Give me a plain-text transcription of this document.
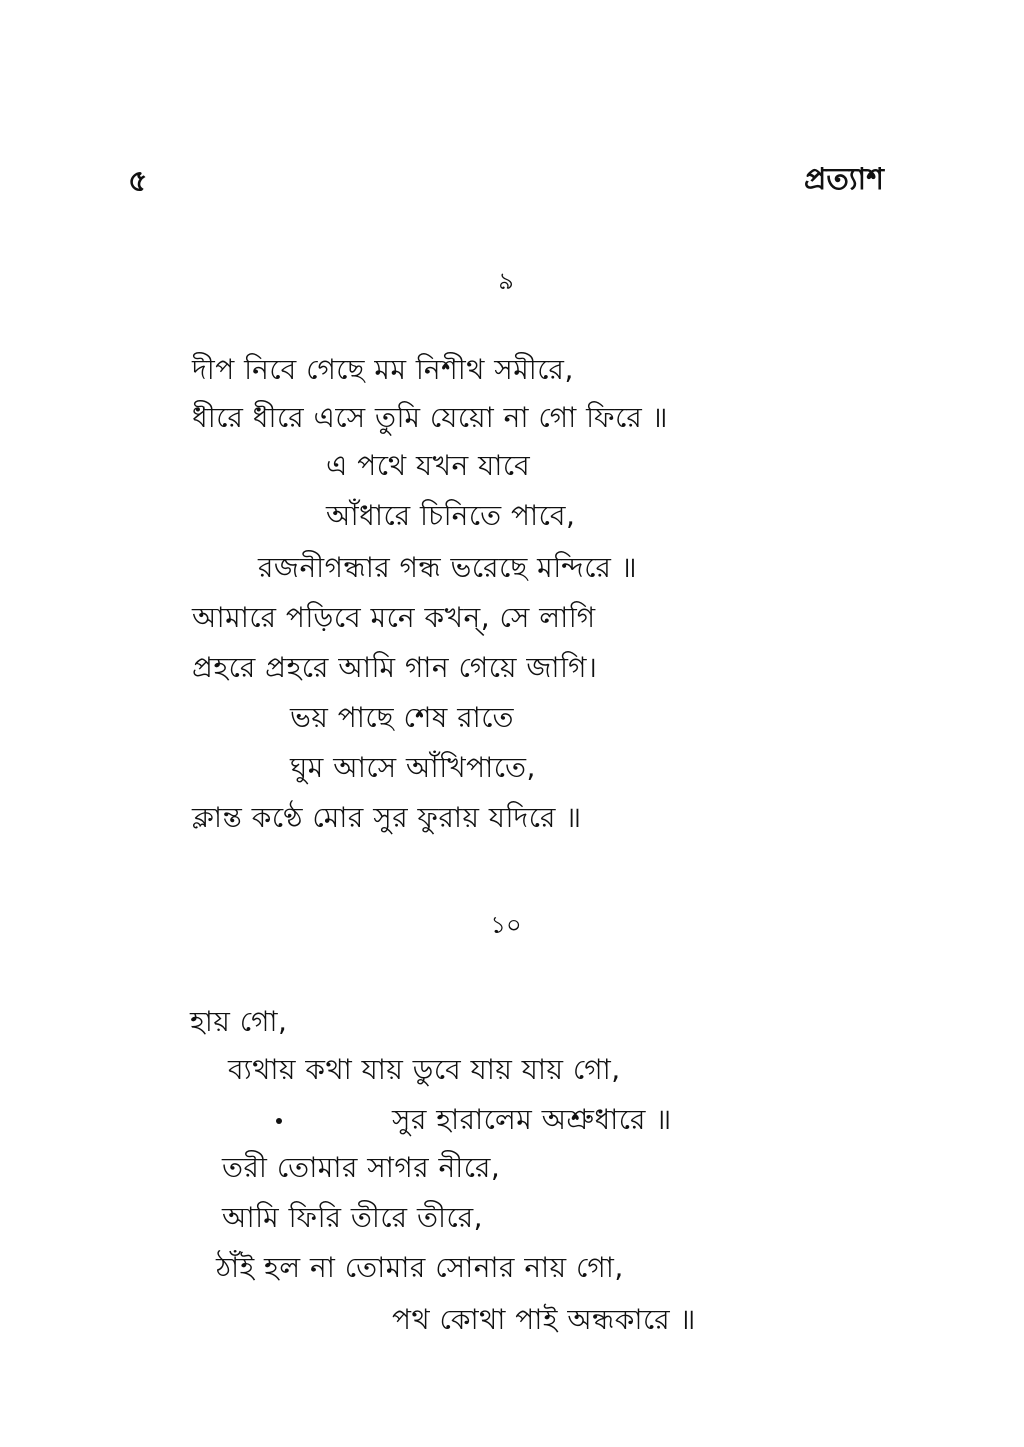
৫	প্রত্যাশ
৯
দীপ নিবে গেছে মম নিশীথ সমীরে,
ধীরে ধীরে এসে তুমি যেয়ো না গো ফিরে ॥
এ পথে যখন যাবে
আঁধারে চিনিতে পাবে,
রজনীগন্ধার গন্ধ ভরেছে মন্দিরে ॥
আমারে পড়িবে মনে কখন্, সে লাগি
প্রহরে প্রহরে আমি গান গেয়ে জাগি।
ভয় পাছে শেষ রাতে
ঘুম আসে আঁখিপাতে,
ক্লান্ত কণ্ঠে মোর সুর ফুরায় যদিরে ॥
১০
হায় গো,
ব্যথায় কথা যায় ডুবে যায় যায় গো,
সুর হারালেম অশ্রুধারে ॥
তরী তোমার সাগর নীরে,
আমি ফিরি তীরে তীরে,
ঠাঁই হল না তোমার সোনার নায় গো,
পথ কোথা পাই অন্ধকারে ॥
